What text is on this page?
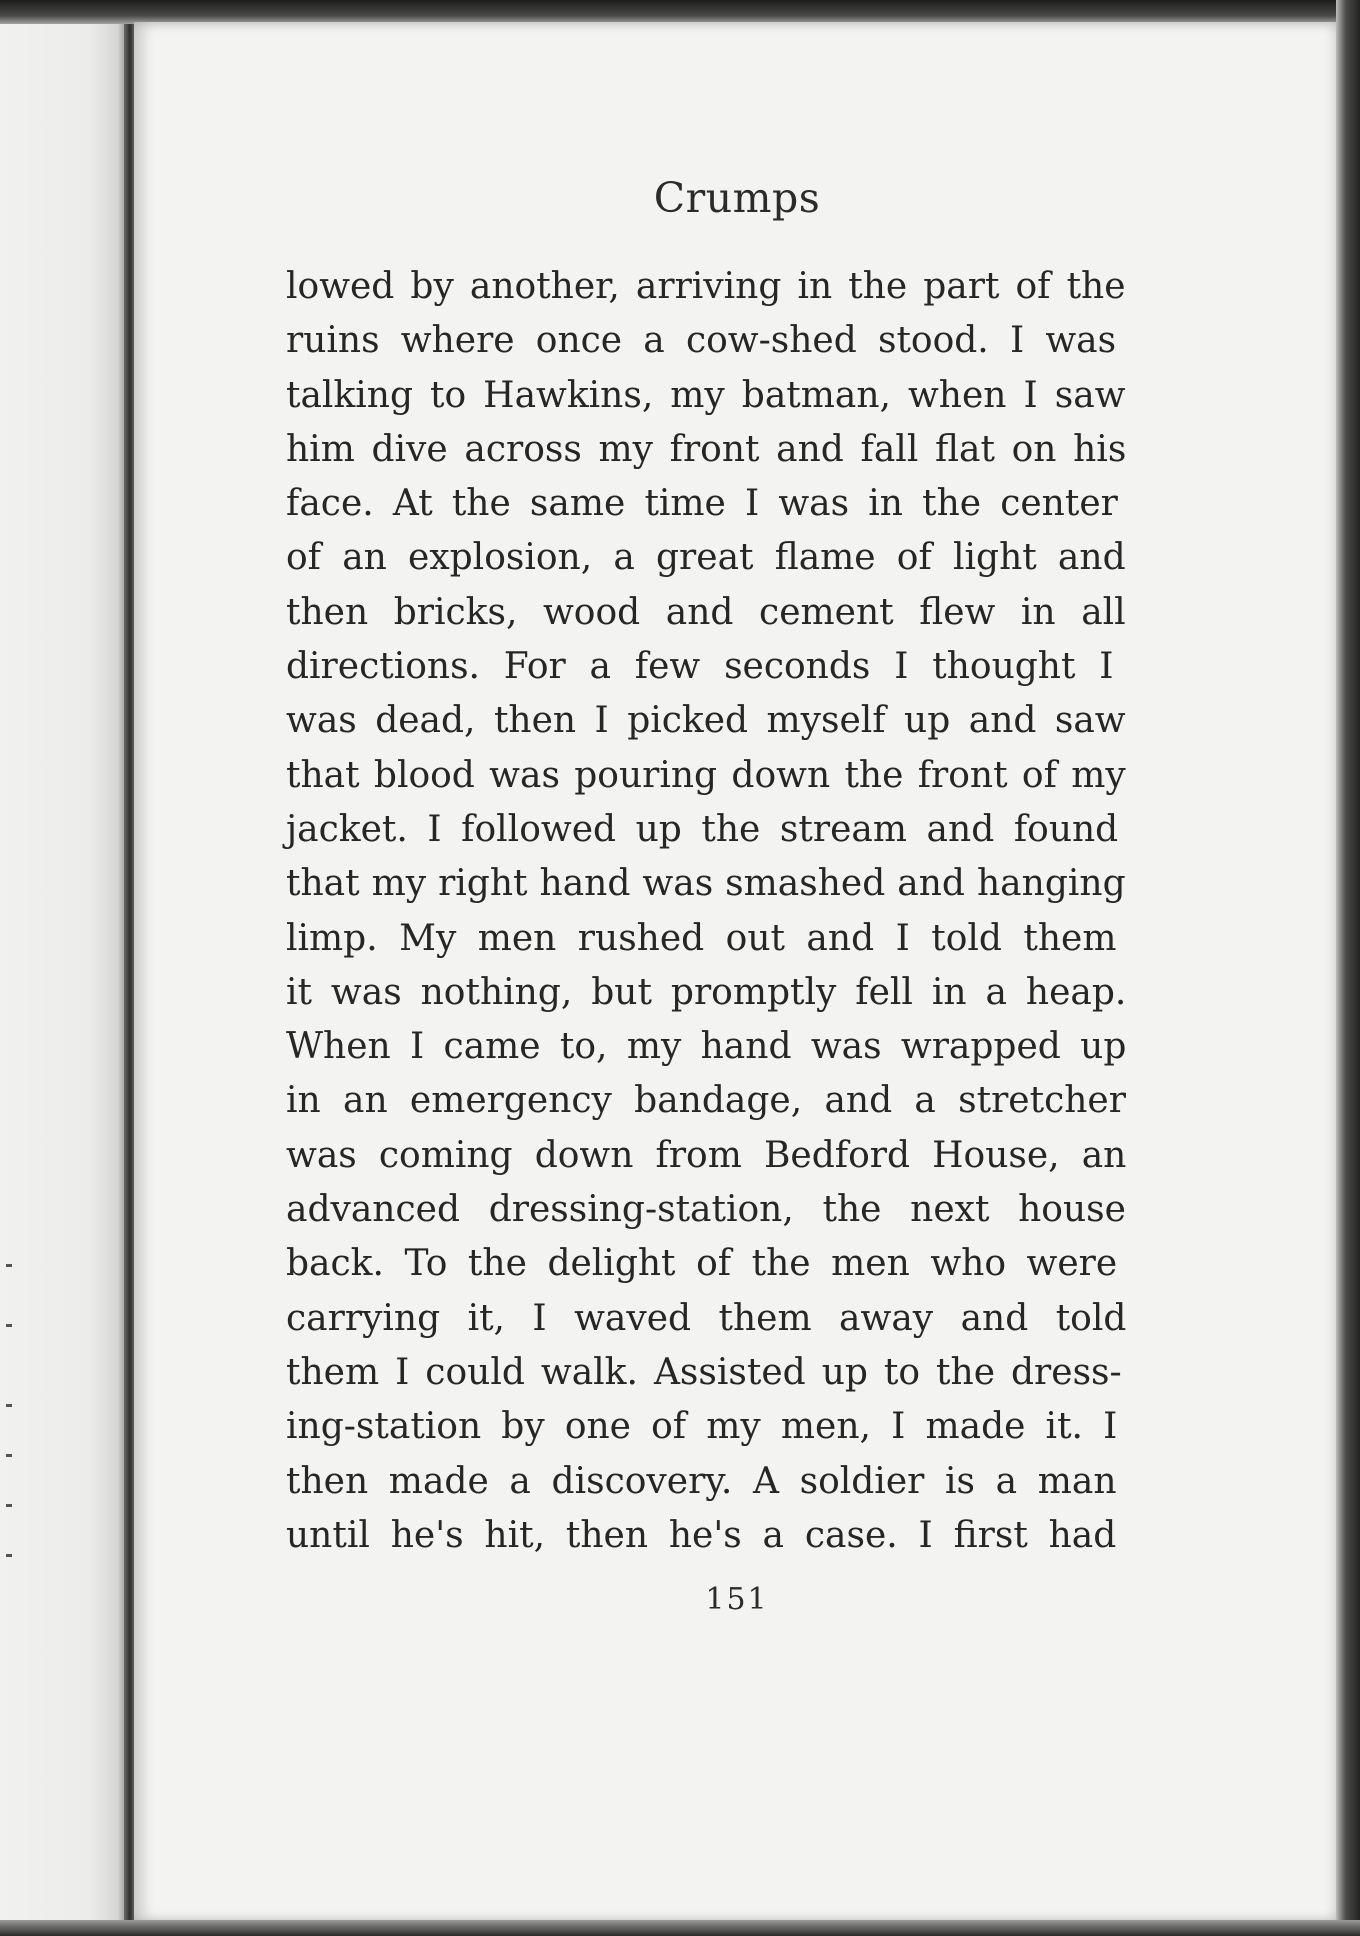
Crumps
lowed by another, arriving in the part of the
ruins where once a cow-shed stood. I was
talking to Hawkins, my batman, when I saw
him dive across my front and fall flat on his
face. At the same time I was in the center
of an explosion, a great flame of light and
then bricks, wood and cement flew in all
directions. For a few seconds I thought I
was dead, then I picked myself up and saw
that blood was pouring down the front of my
jacket. I followed up the stream and found
that my right hand was smashed and hanging
limp. My men rushed out and I told them
it was nothing, but promptly fell in a heap.
When I came to, my hand was wrapped up
in an emergency bandage, and a stretcher
was coming down from Bedford House, an
advanced dressing-station, the next house
back. To the delight of the men who were
carrying it, I waved them away and told
them I could walk. Assisted up to the dress-
ing-station by one of my men, I made it. I
then made a discovery. A soldier is a man
until he's hit, then he's a case. I first had
151
